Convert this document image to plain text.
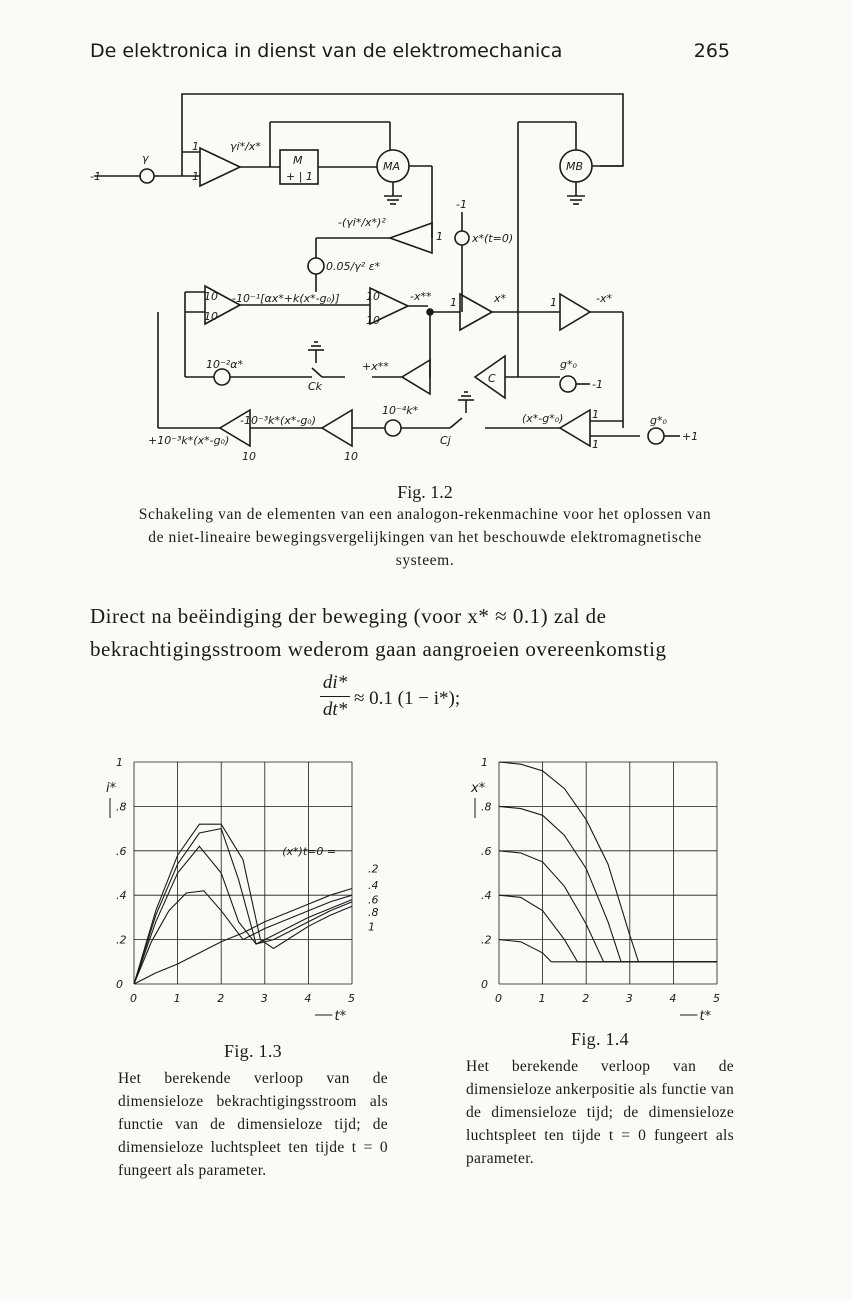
De elektronica in dienst van de elektromechanica	265
-1
γ
1
1
γi*/x*
M
+ | 1
MA	MB
-(γi*/x*)²
1
-1
x*(t=0)
0.05/γ² ε*
10
10
-10⁻¹[αx*+k(x*-g₀)] 10
10
-x** 1	x*	1	-x*
10⁻²α*	+x**
Ck
C
g*₀
-1
+10⁻³k*(x*-g₀)
-10⁻³k*(x*-g₀)
10	10
10⁻⁴k*
Cj
(x*-g*₀)	1
1
g*₀
+1
Fig. 1.2
Schakeling van de elementen van een analogon-rekenmachine voor het oplossen van de niet-lineaire bewegingsvergelijkingen van het beschouwde elektromagnetische systeem.
Direct na beëindiging der beweging (voor x* ≈ 0.1) zal de bekrachtigingsstroom wederom gaan aangroeien overeenkomstig
$\frac{di*}{dt*} \approx 0.1$ (1 − i*);
0	1	2	3	4	5
0
.2
.4
.6
.8
1
i*
t*
.2
.4
.6
.8
1
(x*)t=0 =
0	1	2	3	4	5
0
.2
.4
.6
.8
1
x*
t*
Fig. 1.3
Het berekende verloop van de dimensieloze bekrachtigingsstroom als functie van de dimensieloze tijd; de dimensieloze luchtspleet ten tijde t = 0 fungeert als parameter.
Fig. 1.4
Het berekende verloop van de dimensieloze ankerpositie als functie van de dimensieloze tijd; de dimensieloze luchtspleet ten tijde t = 0 fungeert als parameter.
